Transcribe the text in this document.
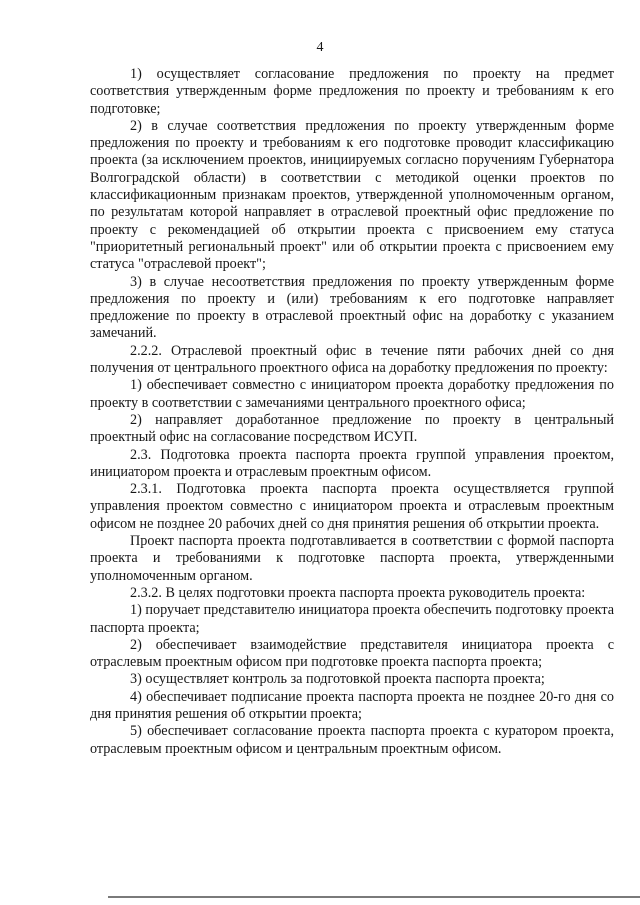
4

1) осуществляет согласование предложения по проекту на предмет соответствия утвержденным форме предложения по проекту и требованиям к его подготовке;

2) в случае соответствия предложения по проекту утвержденным форме предложения по проекту и требованиям к его подготовке проводит классификацию проекта (за исключением проектов, инициируемых согласно поручениям Губернатора Волгоградской области) в соответствии с методикой оценки проектов по классификационным признакам проектов, утвержденной уполномоченным органом, по результатам которой направляет в отраслевой проектный офис предложение по проекту с рекомендацией об открытии проекта с присвоением ему статуса "приоритетный региональный проект" или об открытии проекта с присвоением ему статуса "отраслевой проект";

3) в случае несоответствия предложения по проекту утвержденным форме предложения по проекту и (или) требованиям к его подготовке направляет предложение по проекту в отраслевой проектный офис на доработку с указанием замечаний.

2.2.2. Отраслевой проектный офис в течение пяти рабочих дней со дня получения от центрального проектного офиса на доработку предложения по проекту:

1) обеспечивает совместно с инициатором проекта доработку предложения по проекту в соответствии с замечаниями центрального проектного офиса;

2) направляет доработанное предложение по проекту в центральный проектный офис на согласование посредством ИСУП.

2.3. Подготовка проекта паспорта проекта группой управления проектом, инициатором проекта и отраслевым проектным офисом.

2.3.1. Подготовка проекта паспорта проекта осуществляется группой управления проектом совместно с инициатором проекта и отраслевым проектным офисом не позднее 20 рабочих дней со дня принятия решения об открытии проекта.

Проект паспорта проекта подготавливается в соответствии с формой паспорта проекта и требованиями к подготовке паспорта проекта, утвержденными уполномоченным органом.

2.3.2. В целях подготовки проекта паспорта проекта руководитель проекта:

1) поручает представителю инициатора проекта обеспечить подготовку проекта паспорта проекта;

2) обеспечивает взаимодействие представителя инициатора проекта с отраслевым проектным офисом при подготовке проекта паспорта проекта;

3) осуществляет контроль за подготовкой проекта паспорта проекта;

4) обеспечивает подписание проекта паспорта проекта не позднее 20-го дня со дня принятия решения об открытии проекта;

5) обеспечивает согласование проекта паспорта проекта с куратором проекта, отраслевым проектным офисом и центральным проектным офисом.
